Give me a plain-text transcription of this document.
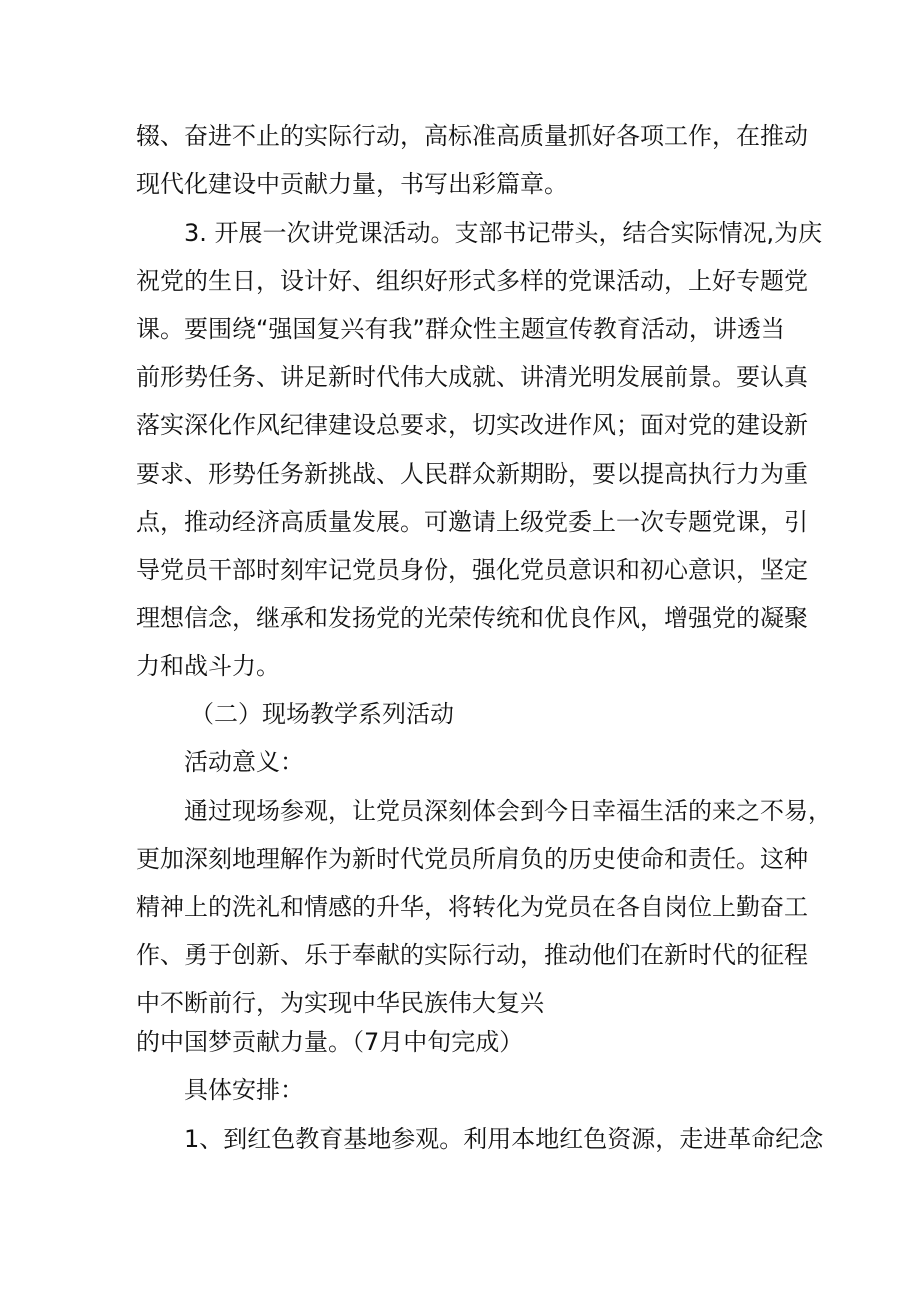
辍、奋进不止的实际行动，高标准高质量抓好各项工作，在推动
现代化建设中贡献力量，书写出彩篇章。
3. 开展一次讲党课活动。支部书记带头，结合实际情况,为庆
祝党的生日，设计好、组织好形式多样的党课活动，上好专题党
课。要围绕“强国复兴有我”群众性主题宣传教育活动，讲透当
前形势任务、讲足新时代伟大成就、讲清光明发展前景。要认真
落实深化作风纪律建设总要求，切实改进作风；面对党的建设新
要求、形势任务新挑战、人民群众新期盼，要以提高执行力为重
点，推动经济高质量发展。可邀请上级党委上一次专题党课，引
导党员干部时刻牢记党员身份，强化党员意识和初心意识，坚定
理想信念，继承和发扬党的光荣传统和优良作风，增强党的凝聚
力和战斗力。
（二）现场教学系列活动
活动意义：
通过现场参观，让党员深刻体会到今日幸福生活的来之不易，
更加深刻地理解作为新时代党员所肩负的历史使命和责任。这种
精神上的洗礼和情感的升华，将转化为党员在各自岗位上勤奋工
作、勇于创新、乐于奉献的实际行动，推动他们在新时代的征程
中不断前行，为实现中华民族伟大复兴
的中国梦贡献力量。（7月中旬完成）
具体安排：
1、到红色教育基地参观。利用本地红色资源，走进革命纪念
